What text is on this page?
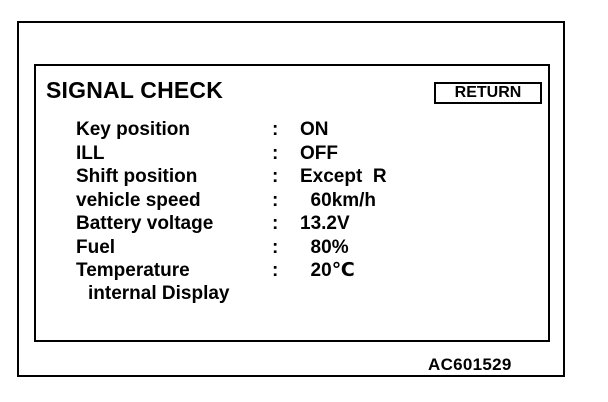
SIGNAL CHECK	RETURN
Key position	: ON
ILL	: OFF
Shift position	: Except  R
vehicle speed	: 60km/h
Battery voltage	: 13.2V
Fuel	: 80%
Temperature	: 20℃
internal Display
AC601529
